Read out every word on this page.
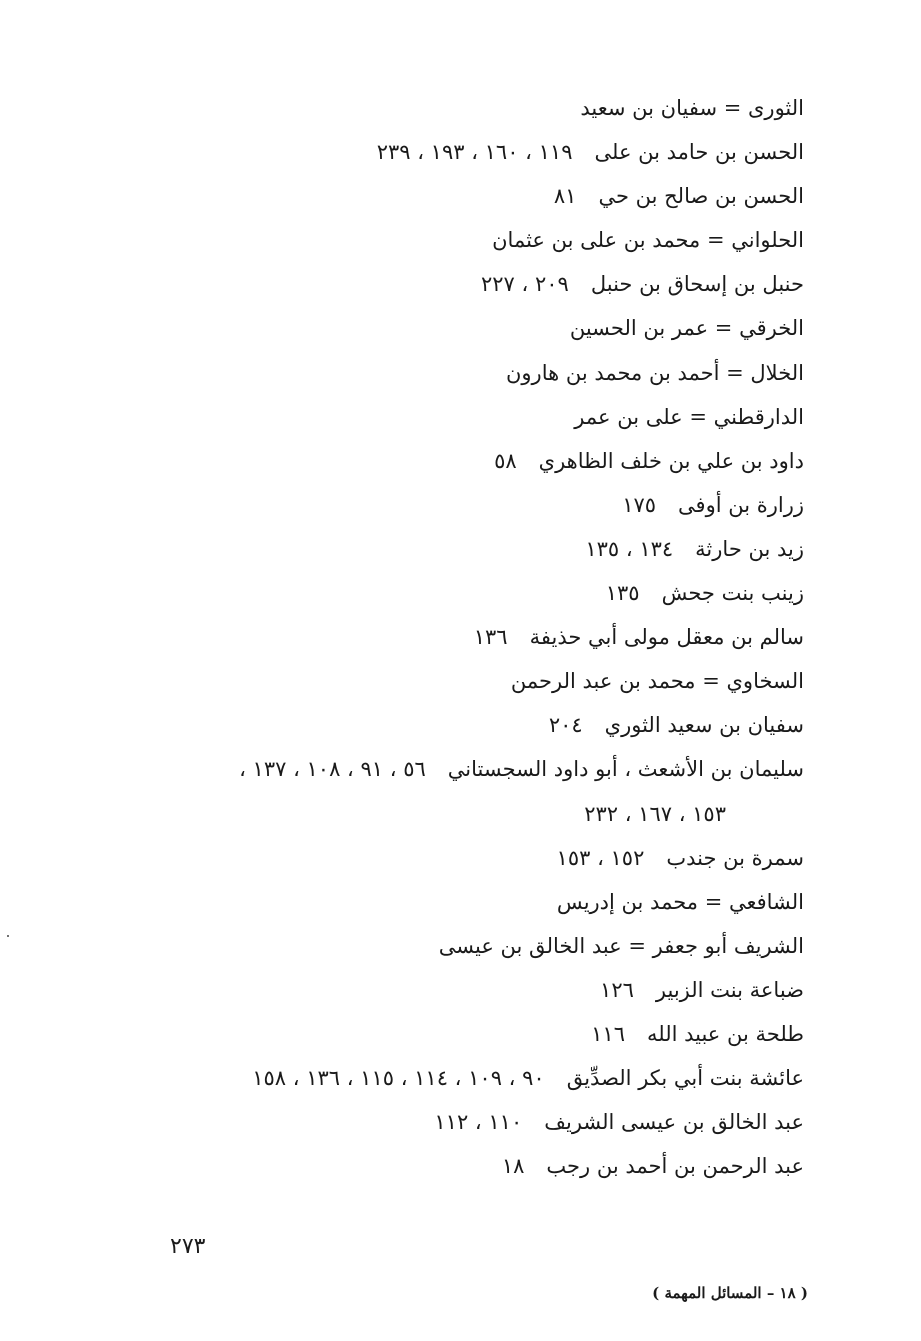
الثورى = سفيان بن سعيد
الحسن بن حامد بن على١١٩ ، ١٦٠ ، ١٩٣ ، ٢٣٩
الحسن بن صالح بن حي٨١
الحلواني = محمد بن على بن عثمان
حنبل بن إسحاق بن حنبل٢٠٩ ، ٢٢٧
الخرقي = عمر بن الحسين
الخلال = أحمد بن محمد بن هارون
الدارقطني = على بن عمر
داود بن علي بن خلف الظاهري٥٨
زرارة بن أوفى١٧٥
زيد بن حارثة١٣٤ ، ١٣٥
زينب بنت جحش١٣٥
سالم بن معقل مولى أبي حذيفة١٣٦
السخاوي = محمد بن عبد الرحمن
سفيان بن سعيد الثوري٢٠٤
سليمان بن الأشعث ، أبو داود السجستاني٥٦ ، ٩١ ، ١٠٨ ، ١٣٧ ،
١٥٣ ، ١٦٧ ، ٢٣٢
سمرة بن جندب١٥٢ ، ١٥٣
الشافعي = محمد بن إدريس
الشريف أبو جعفر = عبد الخالق بن عيسى
ضباعة بنت الزبير١٢٦
طلحة بن عبيد الله١١٦
عائشة بنت أبي بكر الصدِّيق٩٠ ، ١٠٩ ، ١١٤ ، ١١٥ ، ١٣٦ ، ١٥٨
عبد الخالق بن عيسى الشريف١١٠ ، ١١٢
عبد الرحمن بن أحمد بن رجب١٨
٢٧٣
( ١٨ – المسائل المهمة )
